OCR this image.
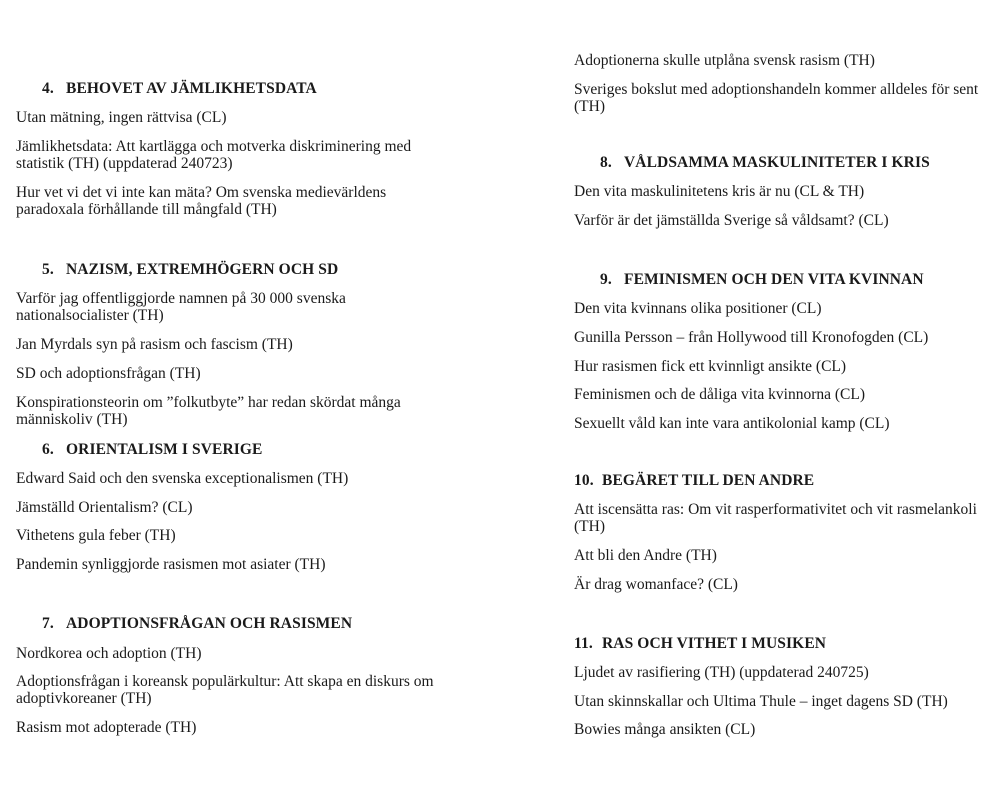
4. BEHOVET AV JÄMLIKHETSDATA

Utan mätning, ingen rättvisa (CL)

Jämlikhetsdata: Att kartlägga och motverka diskriminering med statistik (TH) (uppdaterad 240723)

Hur vet vi det vi inte kan mäta? Om svenska medievärldens paradoxala förhållande till mångfald (TH)

5. NAZISM, EXTREMHÖGERN OCH SD

Varför jag offentliggjorde namnen på 30 000 svenska nationalsocialister (TH)

Jan Myrdals syn på rasism och fascism (TH)

SD och adoptionsfrågan (TH)

Konspirationsteorin om ”folkutbyte” har redan skördat många människoliv (TH)

6. ORIENTALISM I SVERIGE

Edward Said och den svenska exceptionalismen (TH)

Jämställd Orientalism? (CL)

Vithetens gula feber (TH)

Pandemin synliggjorde rasismen mot asiater (TH)

7. ADOPTIONSFRÅGAN OCH RASISMEN

Nordkorea och adoption (TH)

Adoptionsfrågan i koreansk populärkultur: Att skapa en diskurs om adoptivkoreaner (TH)

Rasism mot adopterade (TH)

Adoptionerna skulle utplåna svensk rasism (TH)

Sveriges bokslut med adoptionshandeln kommer alldeles för sent (TH)

8. VÅLDSAMMA MASKULINITETER I KRIS

Den vita maskulinitetens kris är nu (CL & TH)

Varför är det jämställda Sverige så våldsamt? (CL)

9. FEMINISMEN OCH DEN VITA KVINNAN

Den vita kvinnans olika positioner (CL)

Gunilla Persson – från Hollywood till Kronofogden (CL)

Hur rasismen fick ett kvinnligt ansikte (CL)

Feminismen och de dåliga vita kvinnorna (CL)

Sexuellt våld kan inte vara antikolonial kamp (CL)

10. BEGÄRET TILL DEN ANDRE

Att iscensätta ras: Om vit rasperformativitet och vit rasmelankoli (TH)

Att bli den Andre (TH)

Är drag womanface? (CL)

11. RAS OCH VITHET I MUSIKEN

Ljudet av rasifiering (TH) (uppdaterad 240725)

Utan skinnskallar och Ultima Thule – inget dagens SD (TH)

Bowies många ansikten (CL)
